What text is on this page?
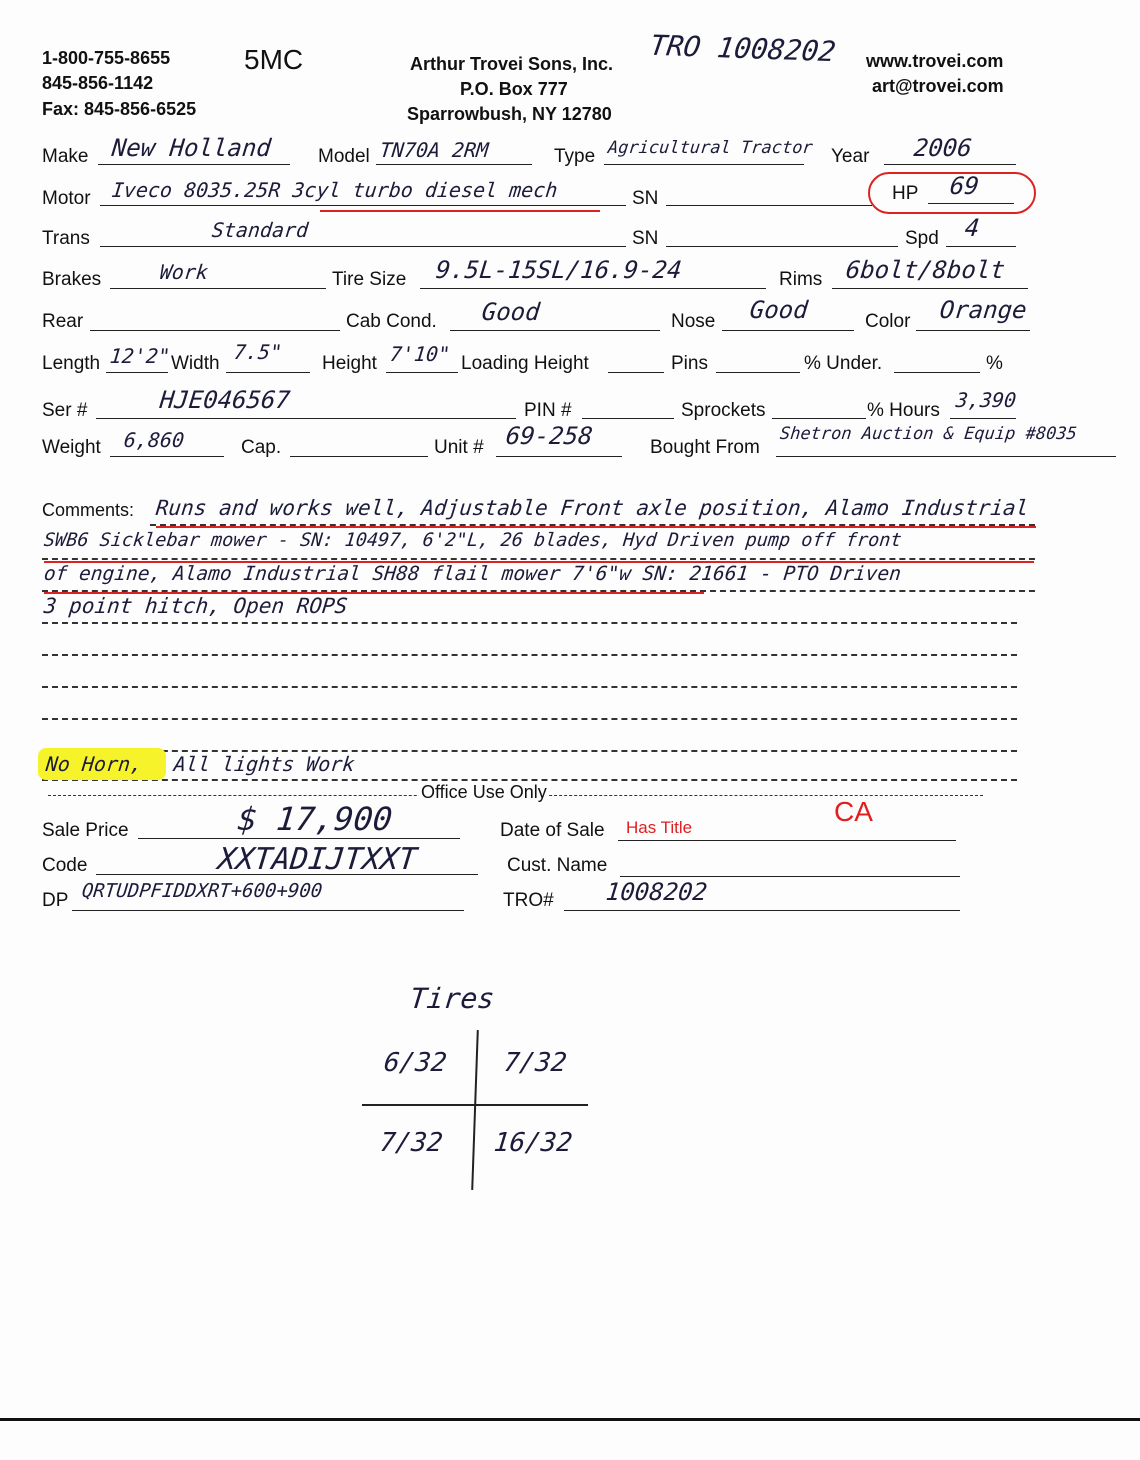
1-800-755-8655
845-856-1142
Fax: 845-856-6525
5MC	Arthur Trovei Sons, Inc.
P.O. Box 777
Sparrowbush, NY 12780
TRO 1008202 www.trovei.com
art@trovei.com
Make New Holland Model TN70A 2RM	Type Agricultural Tractor Year 2006
Motor Iveco 8035.25R 3cyl turbo diesel mech	SN	HP 69
Trans	Standard	SN	Spd 4
Brakes	Work	Tire Size 9.5L-15SL/16.9-24	Rims 6bolt/8bolt
Rear	Cab Cond. Good	Nose Good	Color Orange
Length 12'2" Width 7.5" Height 7'10" Loading Height	Pins	% Under.	%
Ser #	HJE046567	PIN #	Sprockets	% Hours 3,390
Weight 6,860	Cap.	Unit # 69-258	Bought From
Shetron Auction & Equip #8035
Comments: Runs and works well, Adjustable Front axle position, Alamo Industrial
SWB6 Sicklebar mower - SN: 10497, 6'2"L, 26 blades, Hyd Driven pump off front
of engine, Alamo Industrial SH88 flail mower 7'6"w SN: 21661 - PTO Driven
3 point hitch, Open ROPS
No Horn, All lights Work
Office Use Only
Sale Price	$ 17,900	Date of Sale Has Title
CA
Code	XXTADIJTXXT	Cust. Name
DP QRTUDPFIDDXRT+600+900	TRO# 1008202
Tires
6/32 7/32
7/32 16/32
